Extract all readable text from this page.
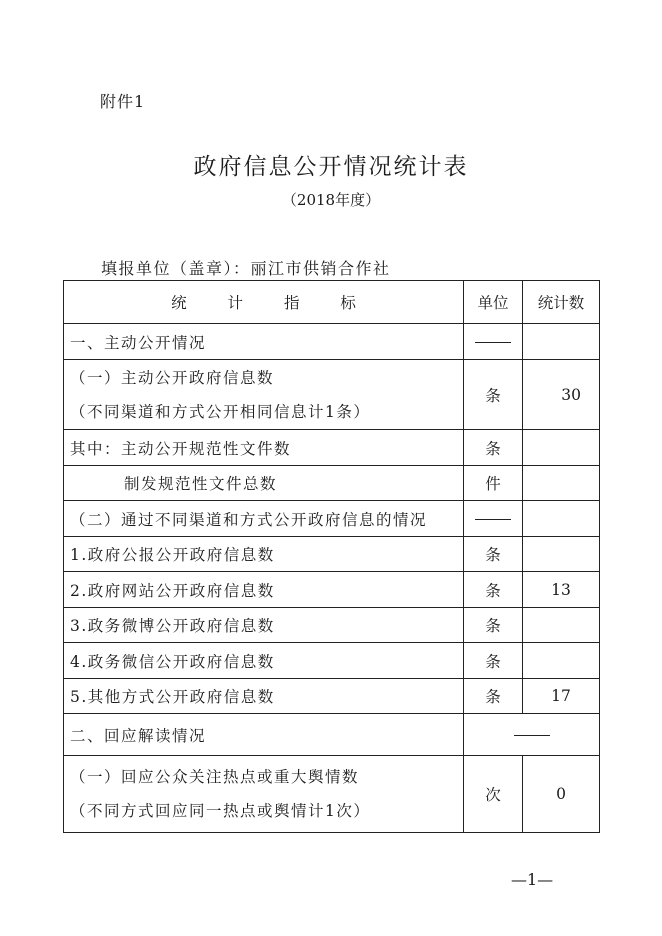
附件1
政府信息公开情况统计表
（2018年度）
填报单位（盖章）：丽江市供销合作社
统 计 指 标	单位	统计数
一、主动公开情况		

（一）主动公开政府信息数
（不同渠道和方式公开相同信息计1条）	条	30
其中：主动公开规范性文件数	条	
制发规范性文件总数	件	
（二）通过不同渠道和方式公开政府信息的情况		
1.政府公报公开政府信息数	条	
2.政府网站公开政府信息数	条	13
3.政务微博公开政府信息数	条	
4.政务微信公开政府信息数	条	
5.其他方式公开政府信息数	条	17
二、回应解读情况		

（一）回应公众关注热点或重大舆情数
（不同方式回应同一热点或舆情计1次）	次	0
—1—
